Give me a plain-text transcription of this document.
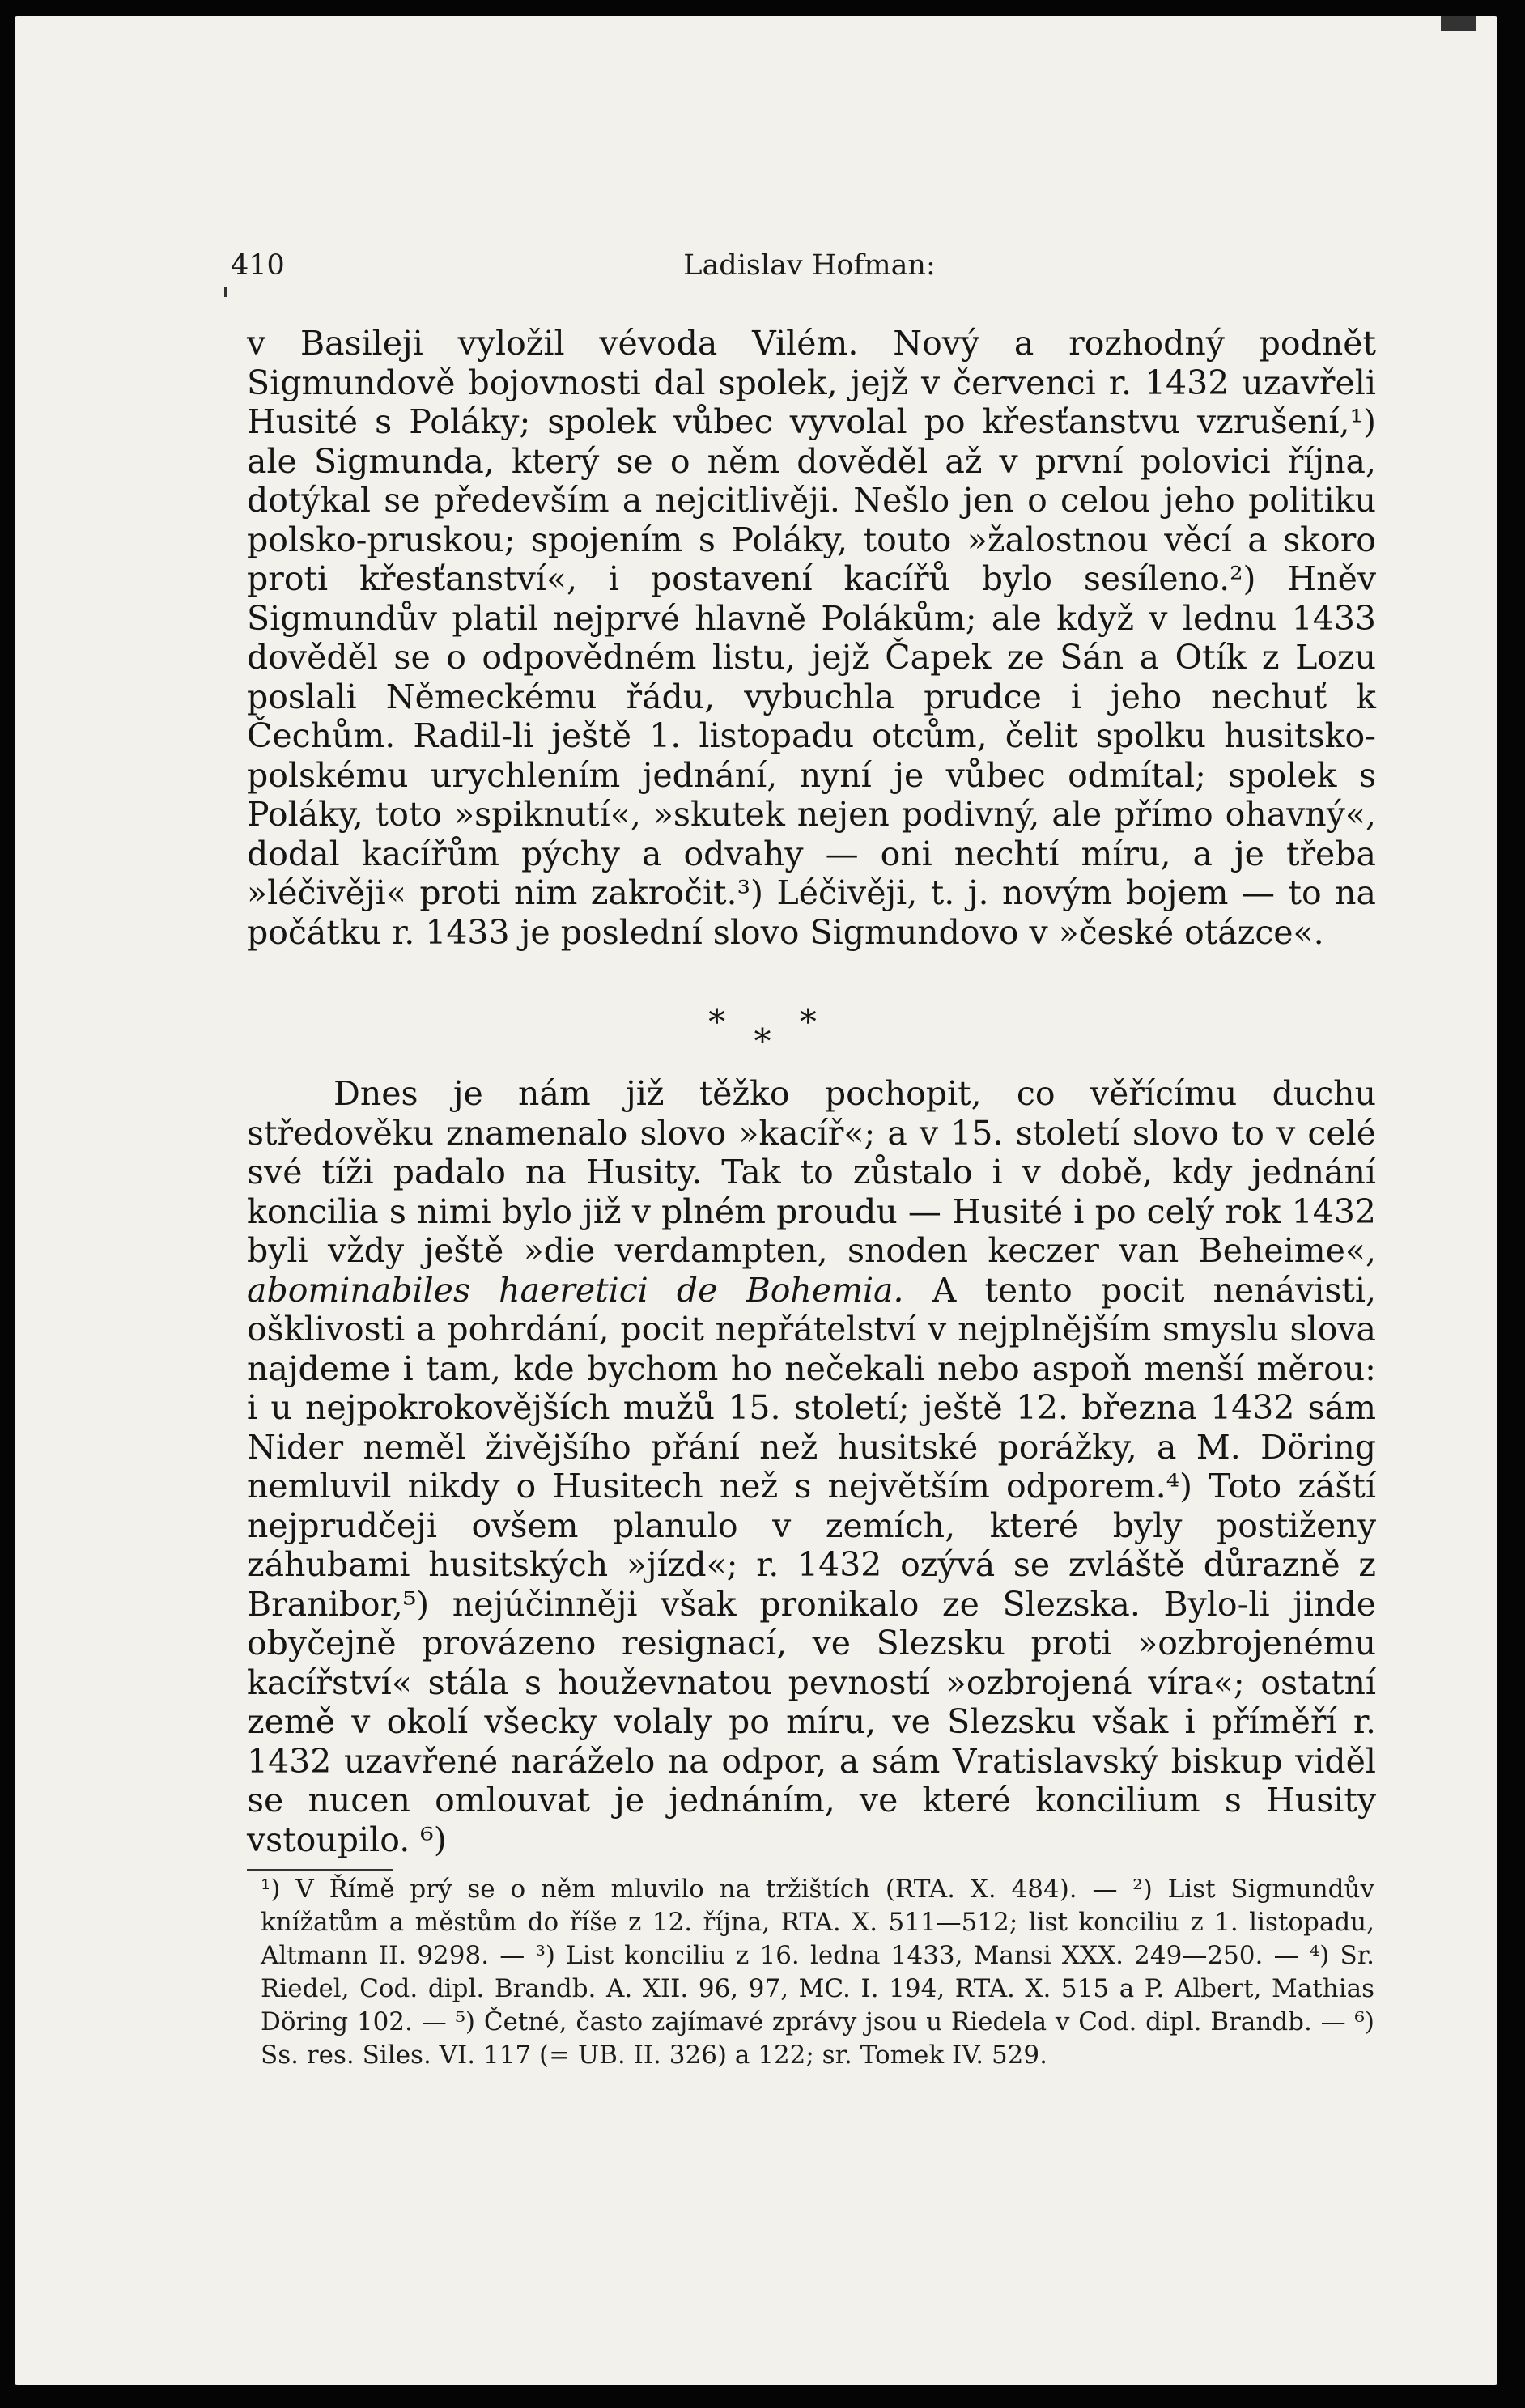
410	Ladislav Hofman:

v Basileji vyložil vévoda Vilém. Nový a rozhodný podnět Sigmundově bojovnosti dal spolek, jejž v červenci r. 1432 uzavřeli Husité s Poláky; spolek vůbec vyvolal po křesťanstvu vzrušení,¹) ale Sigmunda, který se o něm dověděl až v první polovici října, dotýkal se především a nejcitlivěji. Nešlo jen o celou jeho politiku polsko-pruskou; spojením s Poláky, touto »žalostnou věcí a skoro proti křesťanství«, i postavení kacířů bylo sesíleno.²) Hněv Sigmundův platil nejprvé hlavně Polákům; ale když v lednu 1433 dověděl se o odpovědném listu, jejž Čapek ze Sán a Otík z Lozu poslali Německému řádu, vybuchla prudce i jeho nechuť k Čechům. Radil-li ještě 1. listopadu otcům, čelit spolku husitsko-polskému urychlením jednání, nyní je vůbec odmítal; spolek s Poláky, toto »spiknutí«, »skutek nejen podivný, ale přímo ohavný«, dodal kacířům pýchy a odvahy — oni nechtí míru, a je třeba »léčivěji« proti nim zakročit.³) Léčivěji, t. j. novým bojem — to na počátku r. 1433 je poslední slovo Sigmundovo v »české otázce«.

* * *

Dnes je nám již těžko pochopit, co věřícímu duchu středověku znamenalo slovo »kacíř«; a v 15. století slovo to v celé své tíži padalo na Husity. Tak to zůstalo i v době, kdy jednání koncilia s nimi bylo již v plném proudu — Husité i po celý rok 1432 byli vždy ještě »die verdampten, snoden keczer van Beheime«, abominabiles haeretici de Bohemia. A tento pocit nenávisti, ošklivosti a pohrdání, pocit nepřátelství v nejplnějším smyslu slova najdeme i tam, kde bychom ho nečekali nebo aspoň menší měrou: i u nejpokrokovějších mužů 15. století; ještě 12. března 1432 sám Nider neměl živějšího přání než husitské porážky, a M. Döring nemluvil nikdy o Husitech než s největším odporem.⁴) Toto záští nejprudčeji ovšem planulo v zemích, které byly postiženy záhubami husitských »jízd«; r. 1432 ozývá se zvláště důrazně z Branibor,⁵) nejúčinněji však pronikalo ze Slezska. Bylo-li jinde obyčejně provázeno resignací, ve Slezsku proti »ozbrojenému kacířství« stála s houževnatou pevností »ozbrojená víra«; ostatní země v okolí všecky volaly po míru, ve Slezsku však i příměří r. 1432 uzavřené naráželo na odpor, a sám Vratislavský biskup viděl se nucen omlouvat je jednáním, ve které koncilium s Husity vstoupilo. ⁶)

¹) V Římě prý se o něm mluvilo na tržištích (RTA. X. 484). — ²) List Sigmundův knížatům a městům do říše z 12. října, RTA. X. 511—512; list konciliu z 1. listopadu, Altmann II. 9298. — ³) List konciliu z 16. ledna 1433, Mansi XXX. 249—250. — ⁴) Sr. Riedel, Cod. dipl. Brandb. A. XII. 96, 97, MC. I. 194, RTA. X. 515 a P. Albert, Mathias Döring 102. — ⁵) Četné, často zajímavé zprávy jsou u Riedela v Cod. dipl. Brandb. — ⁶) Ss. res. Siles. VI. 117 (= UB. II. 326) a 122; sr. Tomek IV. 529.
